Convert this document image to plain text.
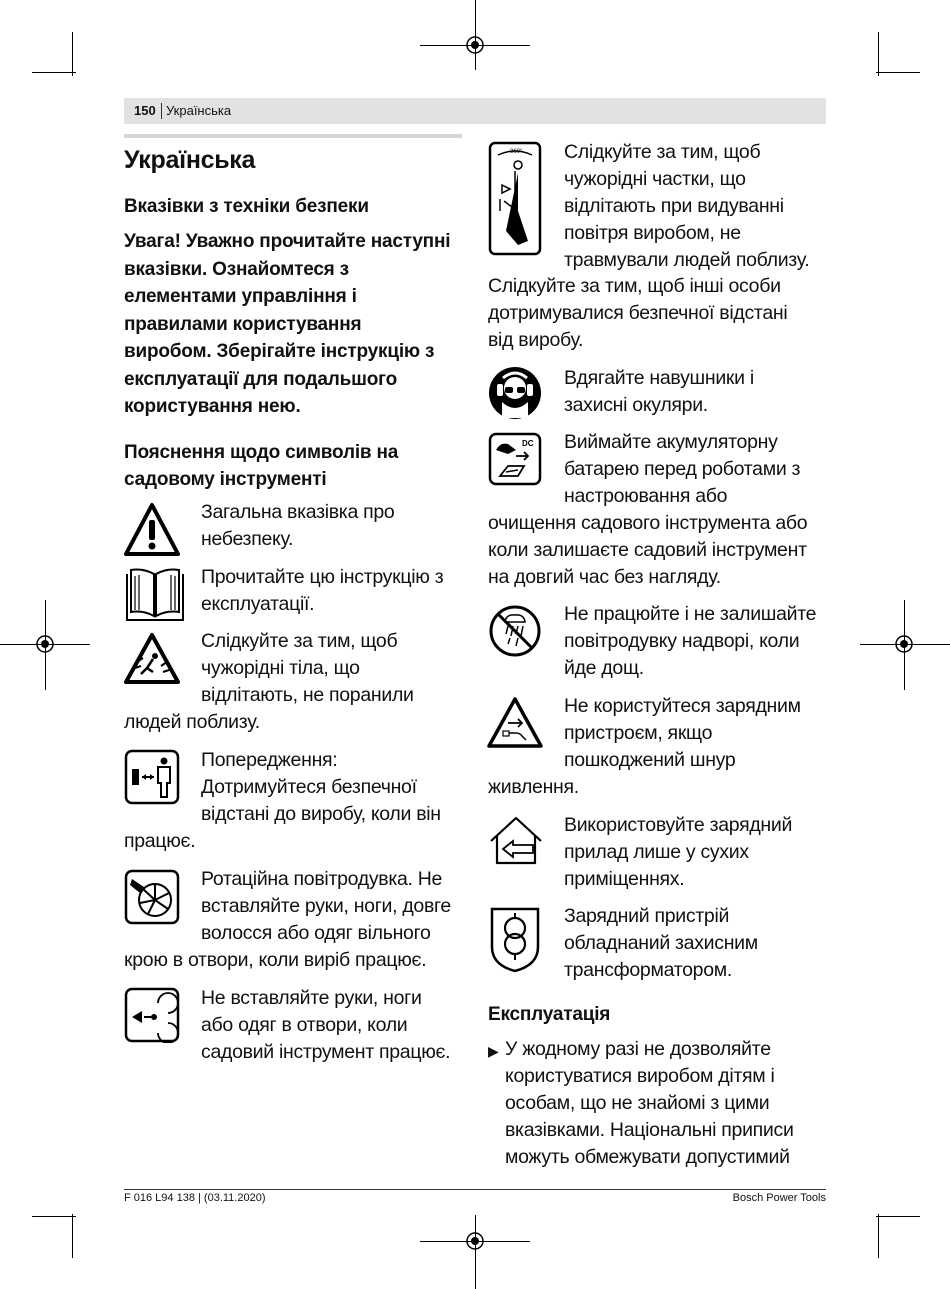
150 Українська
Українська
Вказівки з техніки безпеки
Увага! Уважно прочитайте наступні
вказівки. Ознайомтеся з
елементами управління і
правилами користування
виробом. Зберігайте інструкцію з
експлуатації для подальшого
користування нею.
Пояснення щодо символів на
садовому інструменті
Загальна вказівка про
небезпеку.
Прочитайте цю інструкцію з
експлуатації.
Слідкуйте за тим, щоб
чужорідні тіла, що
відлітають, не поранили
людей поблизу.
Попередження:
Дотримуйтеся безпечної
відстані до виробу, коли він
працює.
Ротаційна повітродувка. Не
вставляйте руки, ноги, довге
волосся або одяг вільного
крою в отвори, коли виріб працює.
Не вставляйте руки, ноги
або одяг в отвори, коли
садовий інструмент працює.
360° Слідкуйте за тим, щоб
чужорідні частки, що
відлітають при видуванні
повітря виробом, не
травмували людей поблизу.
Слідкуйте за тим, щоб інші особи
дотримувалися безпечної відстані
від виробу.
Вдягайте навушники і
захисні окуляри.
DC Виймайте акумуляторну
батарею перед роботами з
настроювання або
очищення садового інструмента або
коли залишаєте садовий інструмент
на довгий час без нагляду.
Не працюйте і не залишайте
повітродувку надворі, коли
йде дощ.
Не користуйтеся зарядним
пристроєм, якщо
пошкоджений шнур
живлення.
Використовуйте зарядний
прилад лише у сухих
приміщеннях.
Зарядний пристрій
обладнаний захисним
трансформатором.
Експлуатація
▶ У жодному разі не дозволяйте
користуватися виробом дітям і
особам, що не знайомі з цими
вказівками. Національні приписи
можуть обмежувати допустимий
F 016 L94 138 | (03.11.2020)	Bosch Power Tools
